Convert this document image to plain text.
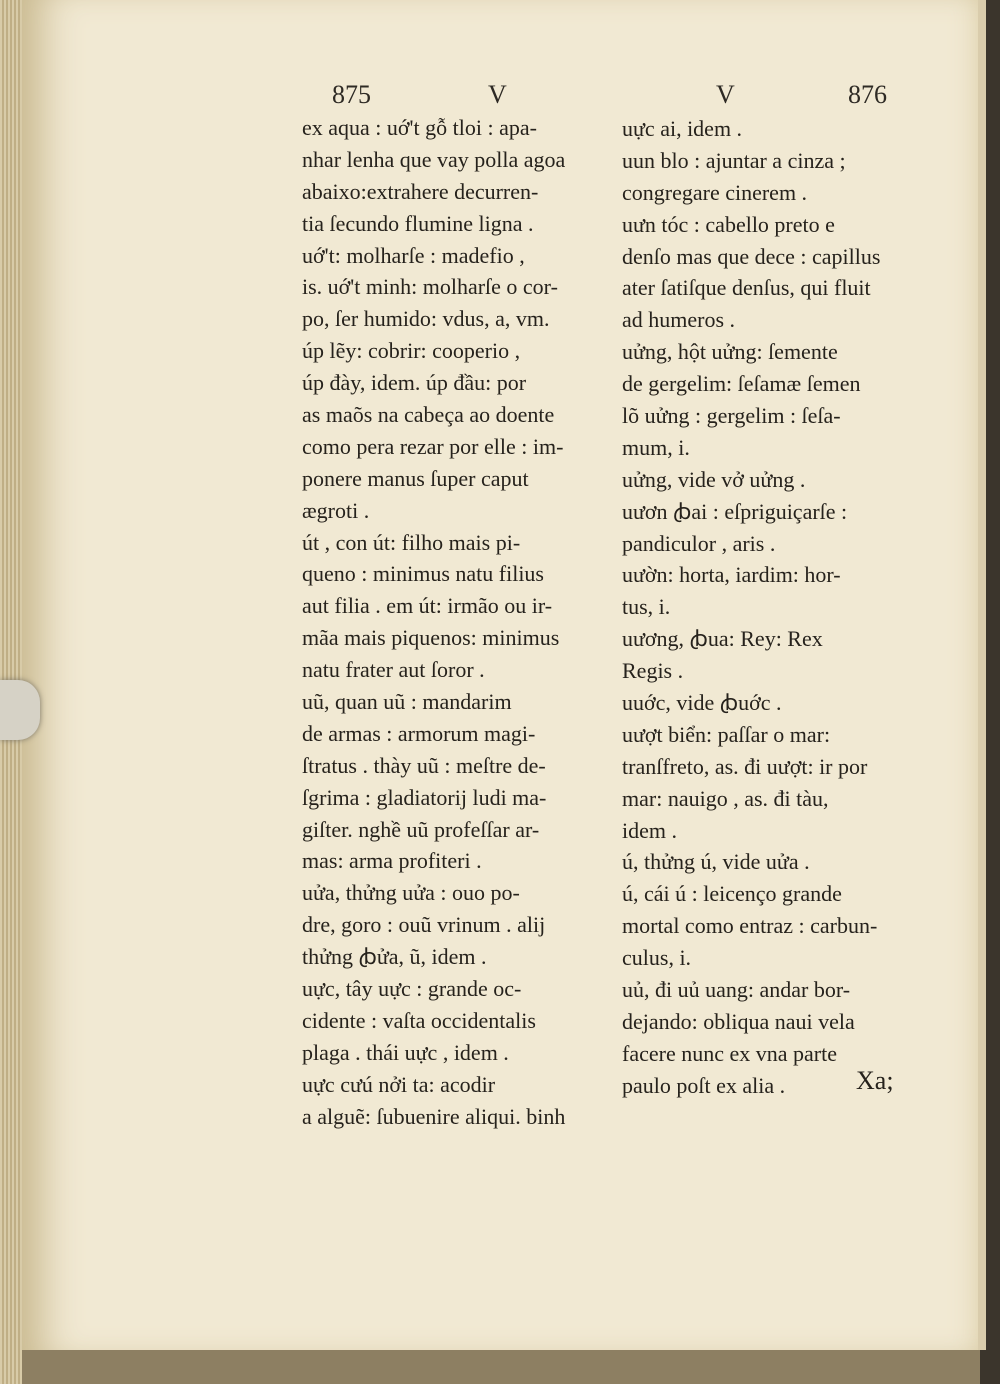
875	V	V	876
ex aqua : uớ't gỗ tloi : apa-
nhar lenha que vay polla agoa
abaixo:extrahere decurren-
tia ſecundo flumine ligna .
uớ't: molharſe : madefio ,
is. uớ't minh: molharſe o cor-
po, ſer humido: vdus, a, vm.
úp lẽy: cobrir: cooperio ,
úp đày, idem. úp đầu: por
as maõs na cabeça ao doente
como pera rezar por elle : im-
ponere manus ſuper caput
ægroti .
út , con út: filho mais pi-
queno : minimus natu filius
aut filia . em út: irmão ou ir-
mãa mais piquenos: minimus
natu frater aut ſoror .
uũ, quan uũ : mandarim
de armas : armorum magi-
ſtratus . thày uũ : meſtre de-
ſgrima : gladiatorij ludi ma-
giſter. nghề uũ profeſſar ar-
mas: arma profiteri .
uửa, thửng uửa : ouo po-
dre, goro : ouũ vrinum . alij
thửng ꞗửa, ũ, idem .
uực, tây uực : grande oc-
cidente : vaſta occidentalis
plaga . thái uực , idem .
uực cưú nởi ta: acodir
a alguẽ: ſubuenire aliqui. binh
uực ai, idem .
uun blo : ajuntar a cinza ;
congregare cinerem .
uưn tóc : cabello preto e
denſo mas que dece : capillus
ater ſatiſque denſus, qui fluit
ad humeros .
uửng, hột uửng: ſemente
de gergelim: ſeſamæ ſemen
lõ uửng : gergelim : ſeſa-
mum, i.
uửng, vide vở uửng .
uươn ꞗai : eſpriguiçarſe :
pandiculor , aris .
uườn: horta, iardim: hor-
tus, i.
uương, ꞗua: Rey: Rex
Regis .
uuớc, vide ꞗuớc .
uượt biển: paſſar o mar:
tranſfreto, as. đi uượt: ir por
mar: nauigo , as. đi tàu,
idem .
ú, thửng ú, vide uửa .
ú, cái ú : leicenço grande
mortal como entraz : carbun-
culus, i.
uủ, đi uủ uang: andar bor-
dejando: obliqua naui vela
facere nunc ex vna parte
paulo poſt ex alia .	Xa;
